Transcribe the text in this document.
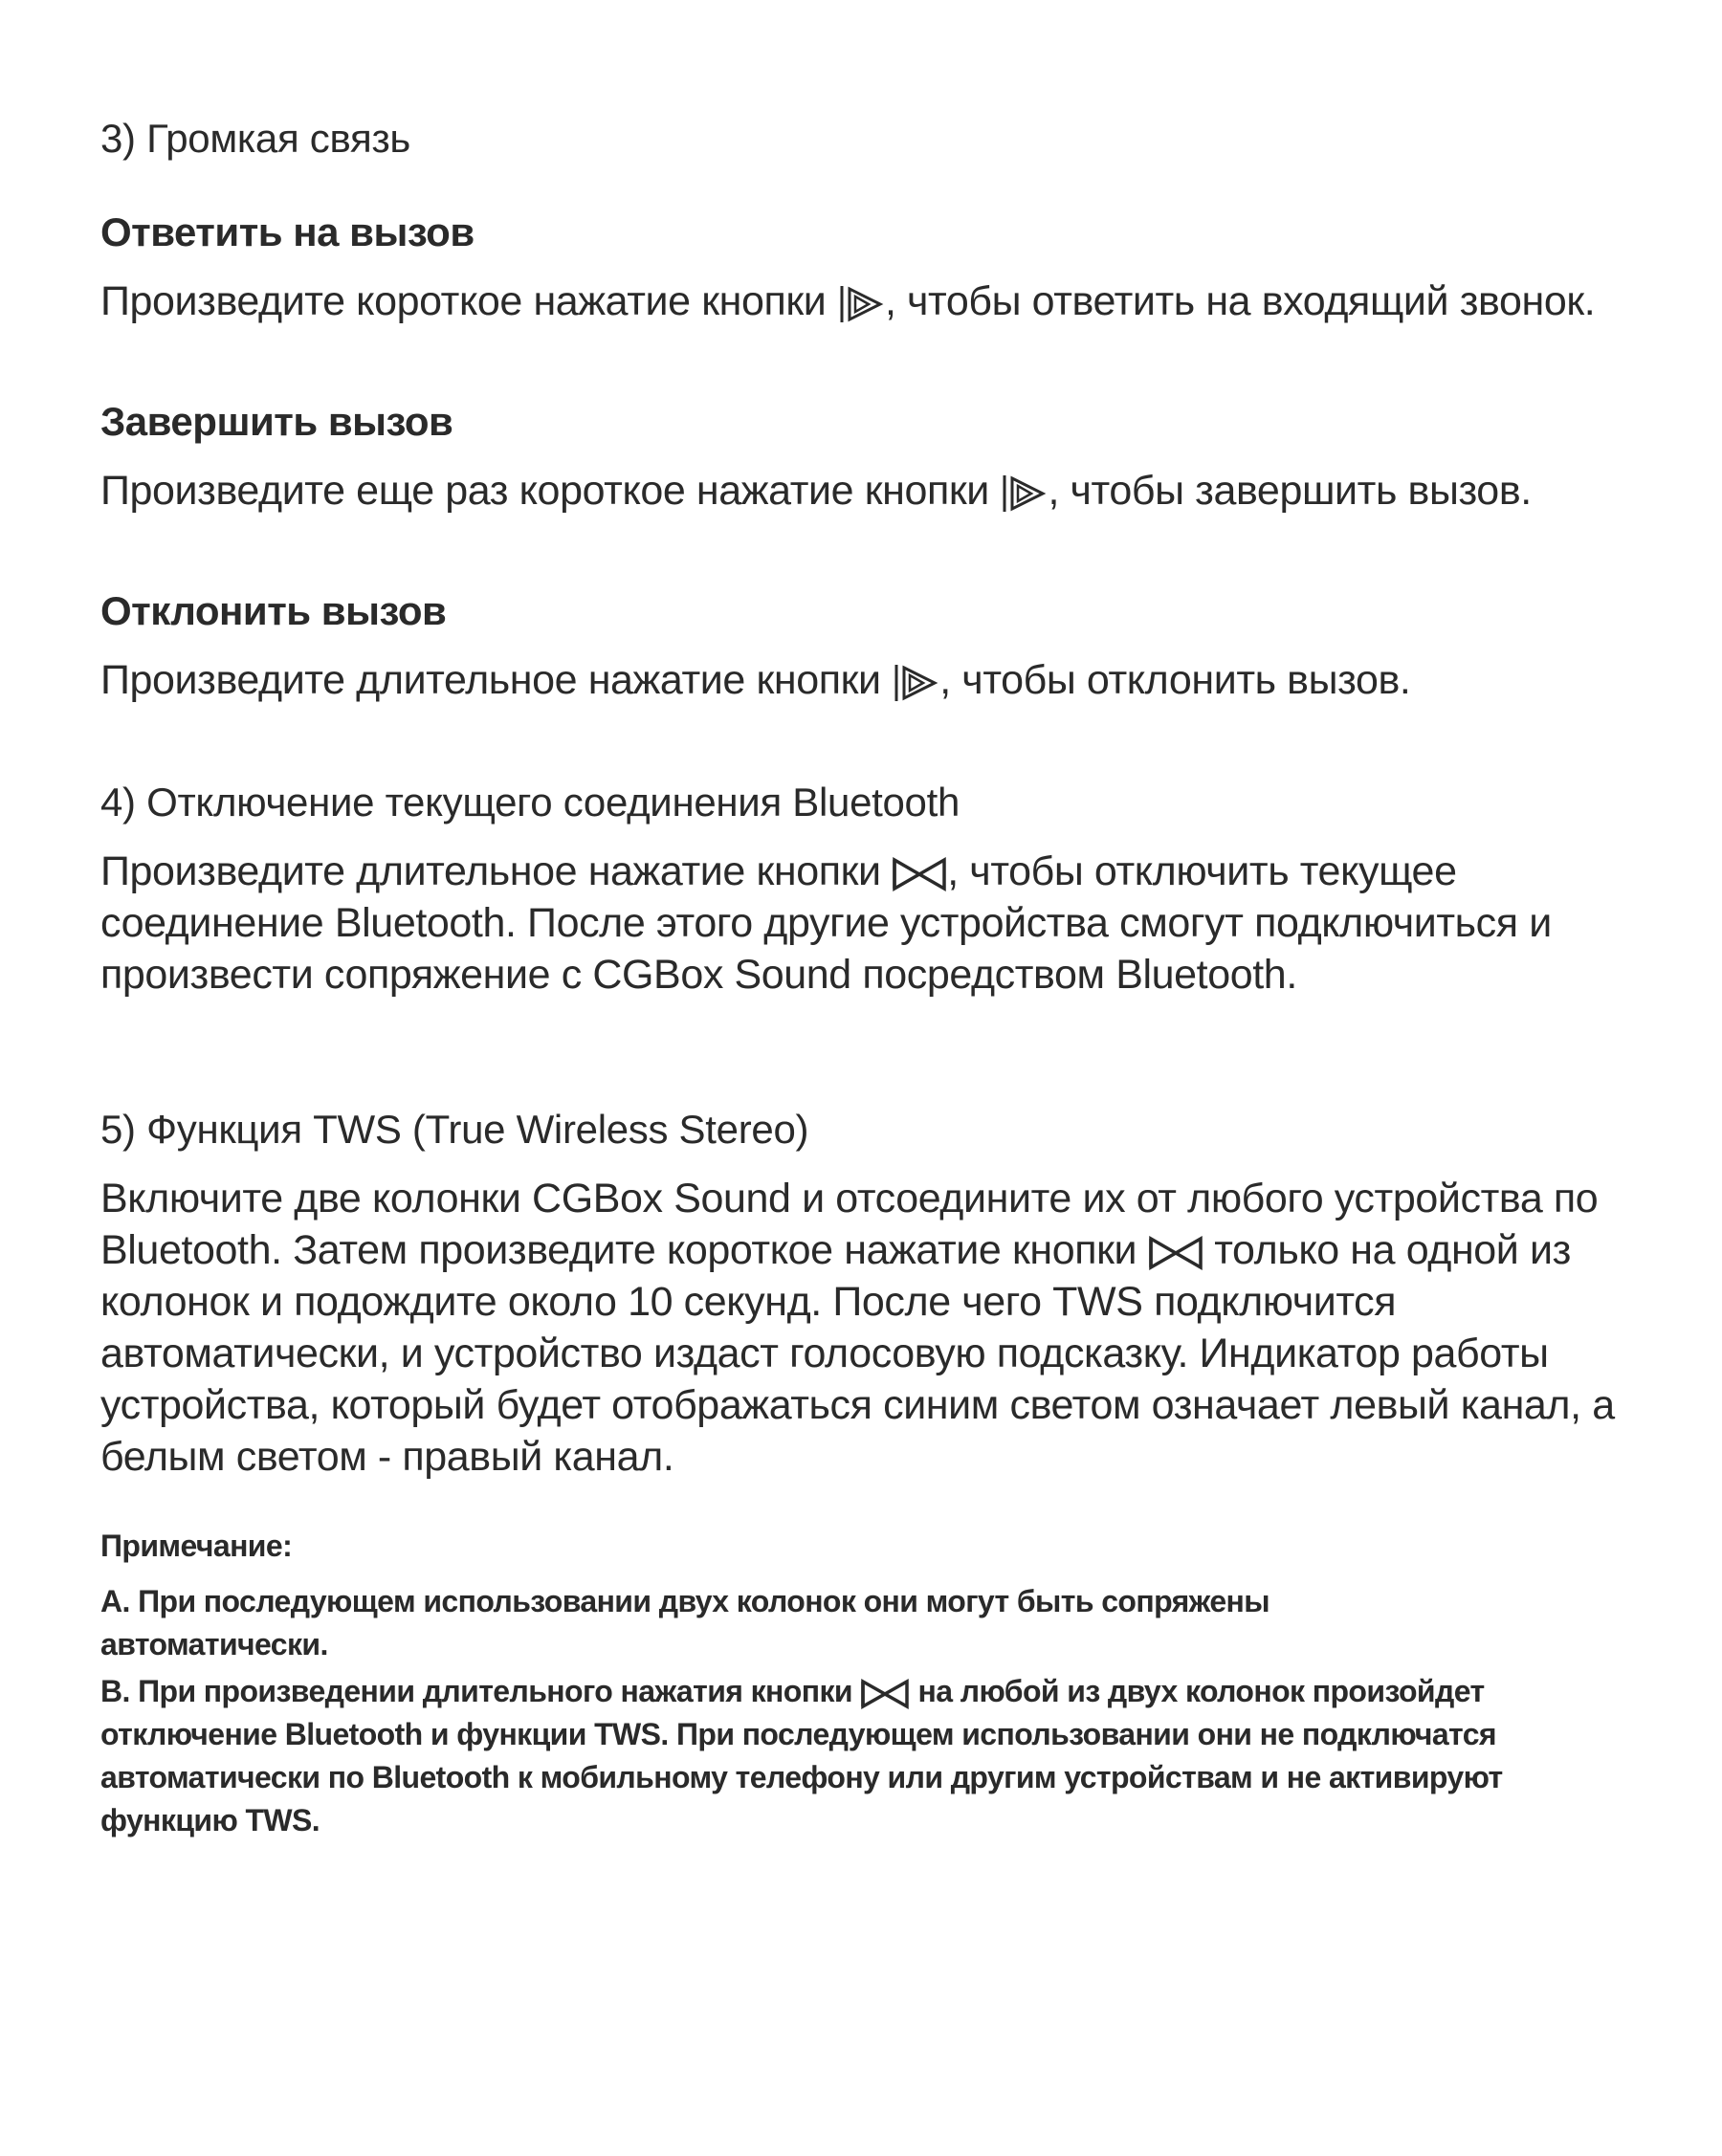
3) Громкая связь
Ответить на вызов

Произведите короткое нажатие кнопки
, чтобы ответить на входящий звонок.

Завершить вызов

Произведите еще раз короткое нажатие кнопки
, чтобы завершить вызов.

Отклонить вызов

Произведите длительное нажатие кнопки
, чтобы отклонить вызов.

4) Отключение текущего соединения Bluetooth

Произведите длительное нажатие кнопки
, чтобы отключить текущее соединение Bluetooth. После этого другие устройства смогут подключиться и произвести сопряжение с CGBox Sound посредством Bluetooth.

5) Функция TWS (True Wireless Stereo)

Включите две колонки CGBox Sound и отсоедините их от любого устройства по Bluetooth. Затем произведите короткое нажатие кнопки
только на одной из колонок и подождите около 10 секунд. После чего TWS подключится автоматически, и устройство издаст голосовую подсказку. Индикатор работы устройства, который будет отображаться синим светом означает левый канал, а белым светом - правый канал.

Примечание:

A. При последующем использовании двух колонок они могут быть сопряжены автоматически.

B. При произведении длительного нажатия кнопки
на любой из двух колонок произойдет отключение Bluetooth и функции TWS. При последующем использовании они не подключатся автоматически по Bluetooth к мобильному телефону или другим устройствам и не активируют функцию TWS.
